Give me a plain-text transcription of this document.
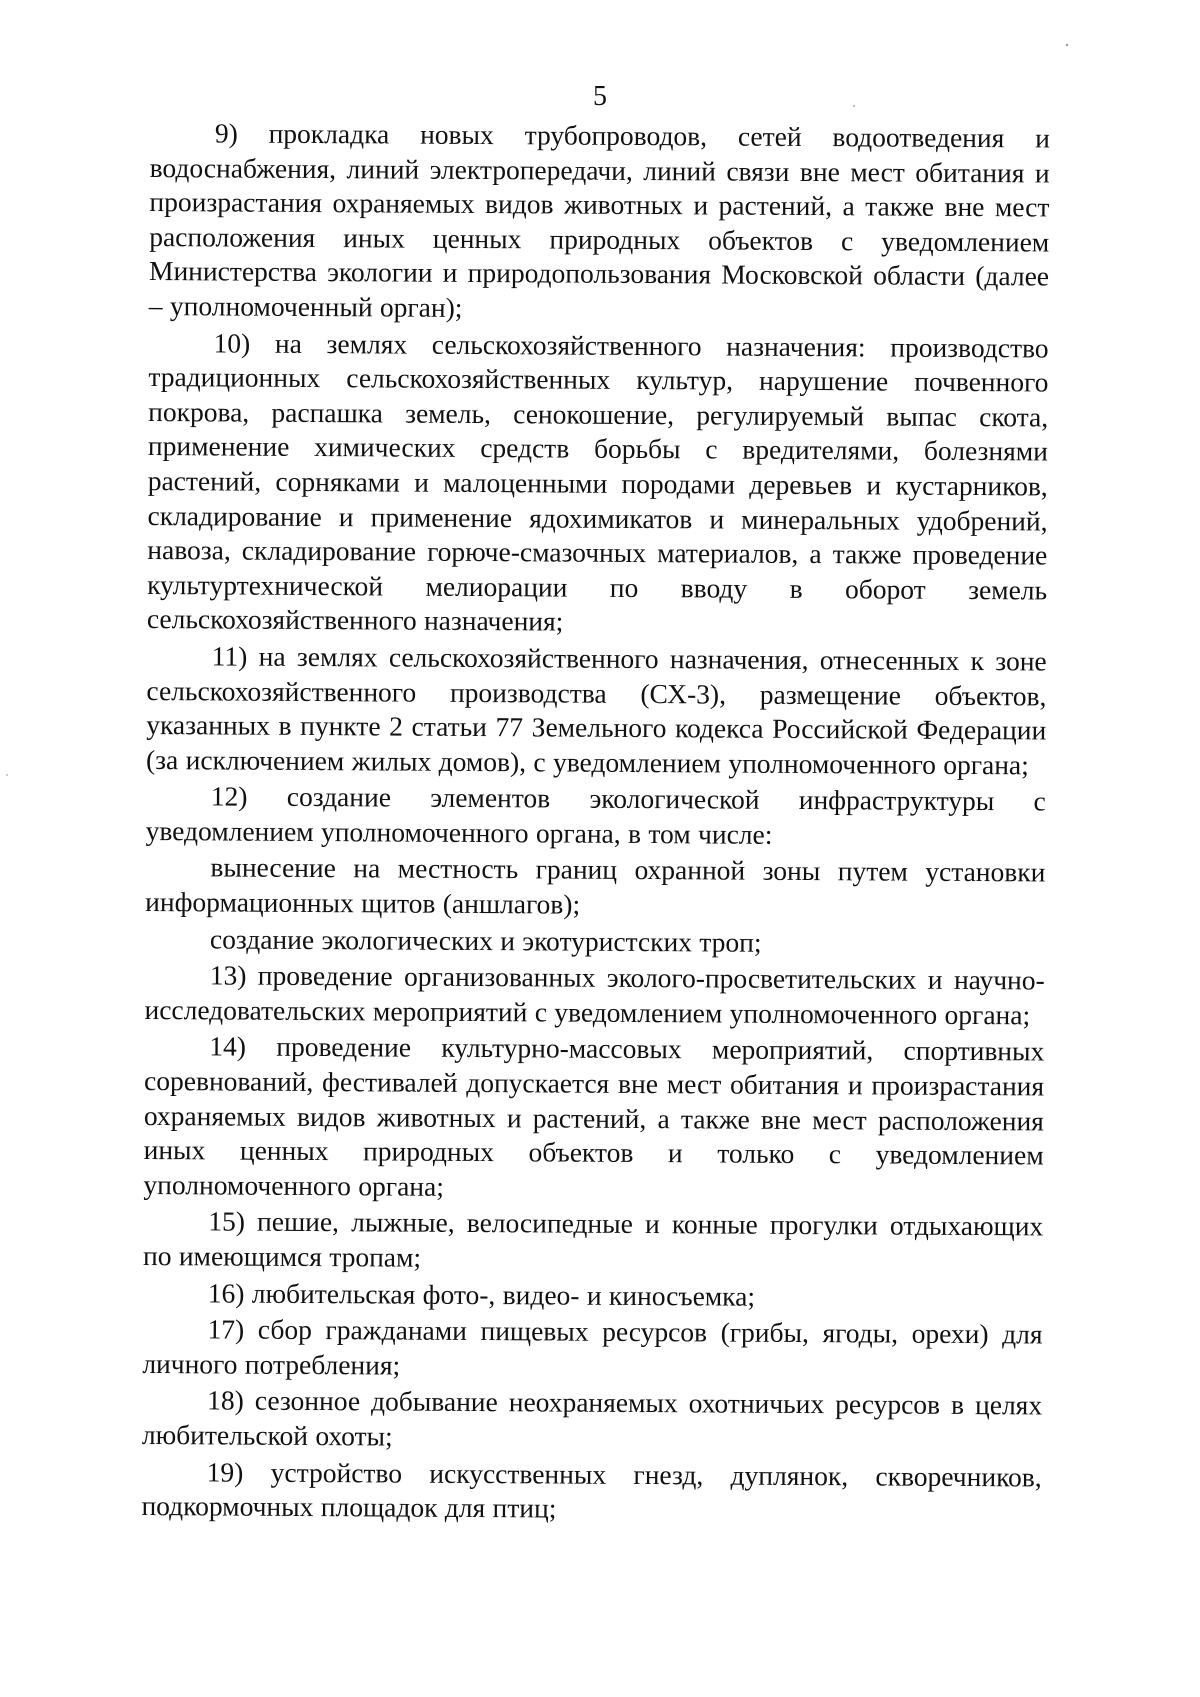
5

9) прокладка новых трубопроводов, сетей водоотведения и водоснабжения, линий электропередачи, линий связи вне мест обитания и произрастания охраняемых видов животных и растений, а также вне мест расположения иных ценных природных объектов с уведомлением Министерства экологии и природопользования Московской области (далее – уполномоченный орган);

10) на землях сельскохозяйственного назначения: производство традиционных сельскохозяйственных культур, нарушение почвенного покрова, распашка земель, сенокошение, регулируемый выпас скота, применение химических средств борьбы с вредителями, болезнями растений, сорняками и малоценными породами деревьев и кустарников, складирование и применение ядохимикатов и минеральных удобрений, навоза, складирование горюче-смазочных материалов, а также проведение культуртехнической мелиорации по вводу в оборот земель сельскохозяйственного назначения;

11) на землях сельскохозяйственного назначения, отнесенных к зоне сельскохозяйственного производства (СХ-3), размещение объектов, указанных в пункте 2 статьи 77 Земельного кодекса Российской Федерации (за исключением жилых домов), с уведомлением уполномоченного органа;

12) создание элементов экологической инфраструктуры с уведомлением уполномоченного органа, в том числе:

вынесение на местность границ охранной зоны путем установки информационных щитов (аншлагов);

создание экологических и экотуристских троп;

13) проведение организованных эколого-просветительских и научно-исследовательских мероприятий с уведомлением уполномоченного органа;

14) проведение культурно-массовых мероприятий, спортивных соревнований, фестивалей допускается вне мест обитания и произрастания охраняемых видов животных и растений, а также вне мест расположения иных ценных природных объектов и только с уведомлением уполномоченного органа;

15) пешие, лыжные, велосипедные и конные прогулки отдыхающих по имеющимся тропам;

16) любительская фото-, видео- и киносъемка;

17) сбор гражданами пищевых ресурсов (грибы, ягоды, орехи) для личного потребления;

18) сезонное добывание неохраняемых охотничьих ресурсов в целях любительской охоты;

19) устройство искусственных гнезд, дуплянок, скворечников, подкормочных площадок для птиц;
